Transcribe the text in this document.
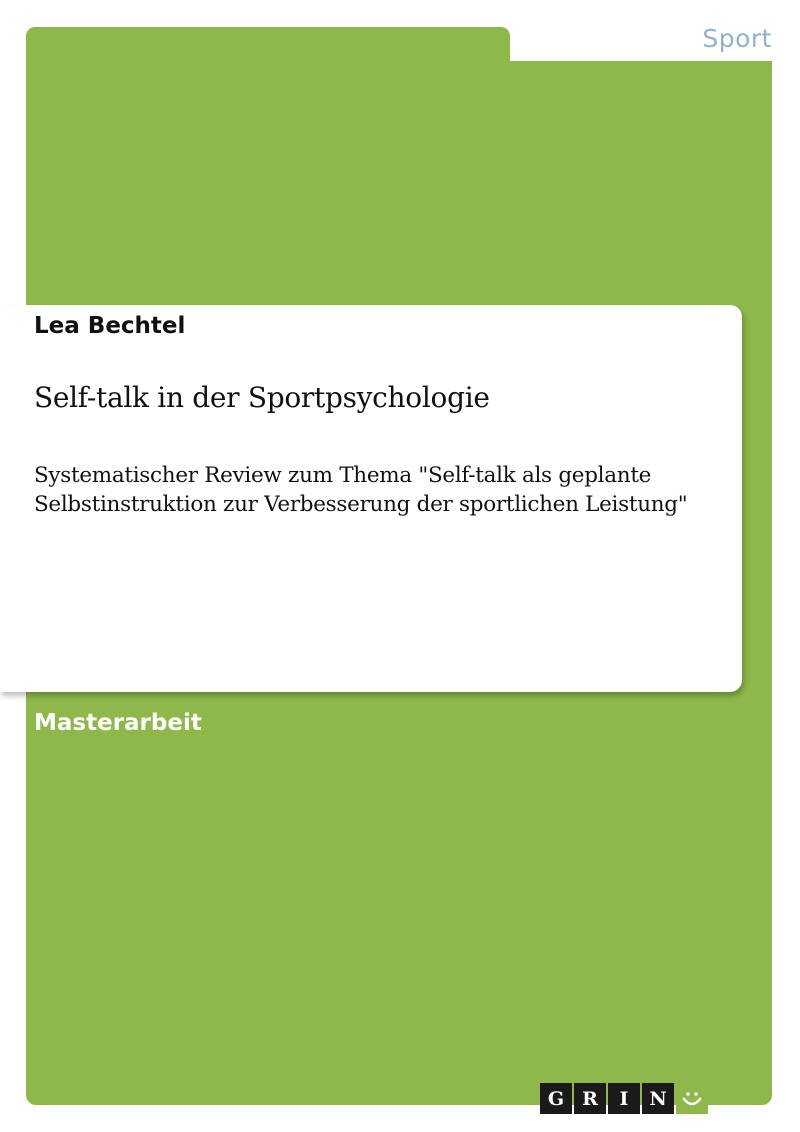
Sport
Lea Bechtel
Self-talk in der Sportpsychologie
Systematischer Review zum Thema "Self-talk als geplante Selbstinstruktion zur Verbesserung der sportlichen Leistung"
Masterarbeit
G R	I	N
